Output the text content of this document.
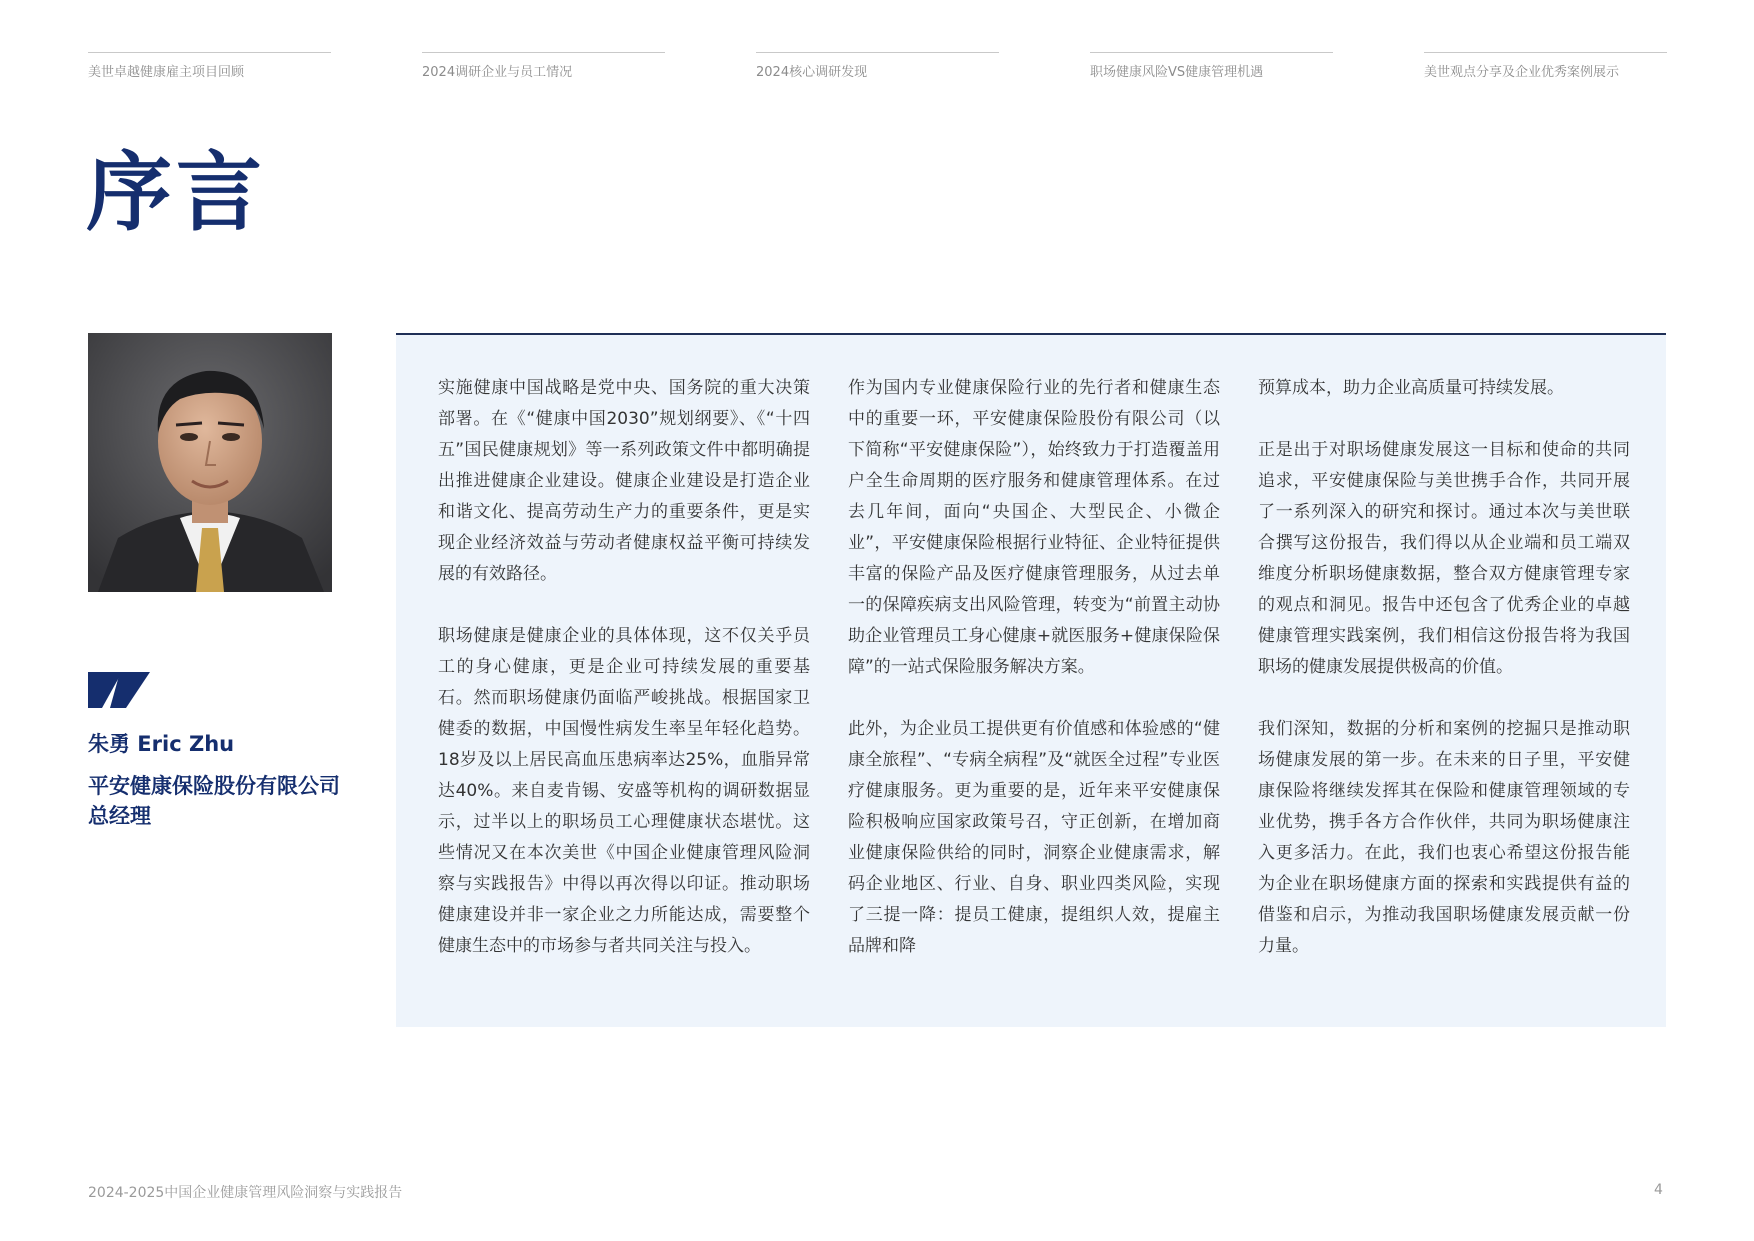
美世卓越健康雇主项目回顾	2024调研企业与员工情况	2024核心调研发现	职场健康风险VS健康管理机遇	美世观点分享及企业优秀案例展示
序言
朱勇 Eric Zhu
平安健康保险股份有限公司
总经理

实施健康中国战略是党中央、国务院的重大决策部署。在《“健康中国2030”规划纲要》、《“十四五”国民健康规划》等一系列政策文件中都明确提出推进健康企业建设。健康企业建设是打造企业和谐文化、提高劳动生产力的重要条件，更是实现企业经济效益与劳动者健康权益平衡可持续发展的有效路径。

职场健康是健康企业的具体体现，这不仅关乎员工的身心健康，更是企业可持续发展的重要基石。然而职场健康仍面临严峻挑战。根据国家卫健委的数据，中国慢性病发生率呈年轻化趋势。18岁及以上居民高血压患病率达25%，血脂异常达40%。来自麦肯锡、安盛等机构的调研数据显示，过半以上的职场员工心理健康状态堪忧。这些情况又在本次美世《中国企业健康管理风险洞察与实践报告》中得以再次得以印证。推动职场健康建设并非一家企业之力所能达成，需要整个健康生态中的市场参与者共同关注与投入。

作为国内专业健康保险行业的先行者和健康生态中的重要一环，平安健康保险股份有限公司（以下简称“平安健康保险”），始终致力于打造覆盖用户全生命周期的医疗服务和健康管理体系。在过去几年间，面向“央国企、大型民企、小微企业”，平安健康保险根据行业特征、企业特征提供丰富的保险产品及医疗健康管理服务，从过去单一的保障疾病支出风险管理，转变为“前置主动协助企业管理员工身心健康+就医服务+健康保险保障”的一站式保险服务解决方案。

此外，为企业员工提供更有价值感和体验感的“健康全旅程”、“专病全病程”及“就医全过程”专业医疗健康服务。更为重要的是，近年来平安健康保险积极响应国家政策号召，守正创新，在增加商业健康保险供给的同时，洞察企业健康需求，解码企业地区、行业、自身、职业四类风险，实现了三提一降：提员工健康，提组织人效，提雇主品牌和降

预算成本，助力企业高质量可持续发展。

正是出于对职场健康发展这一目标和使命的共同追求，平安健康保险与美世携手合作，共同开展了一系列深入的研究和探讨。通过本次与美世联合撰写这份报告，我们得以从企业端和员工端双维度分析职场健康数据，整合双方健康管理专家的观点和洞见。报告中还包含了优秀企业的卓越健康管理实践案例，我们相信这份报告将为我国职场的健康发展提供极高的价值。

我们深知，数据的分析和案例的挖掘只是推动职场健康发展的第一步。在未来的日子里，平安健康保险将继续发挥其在保险和健康管理领域的专业优势，携手各方合作伙伴，共同为职场健康注入更多活力。在此，我们也衷心希望这份报告能为企业在职场健康方面的探索和实践提供有益的借鉴和启示，为推动我国职场健康发展贡献一份力量。

2024-2025中国企业健康管理风险洞察与实践报告	4
